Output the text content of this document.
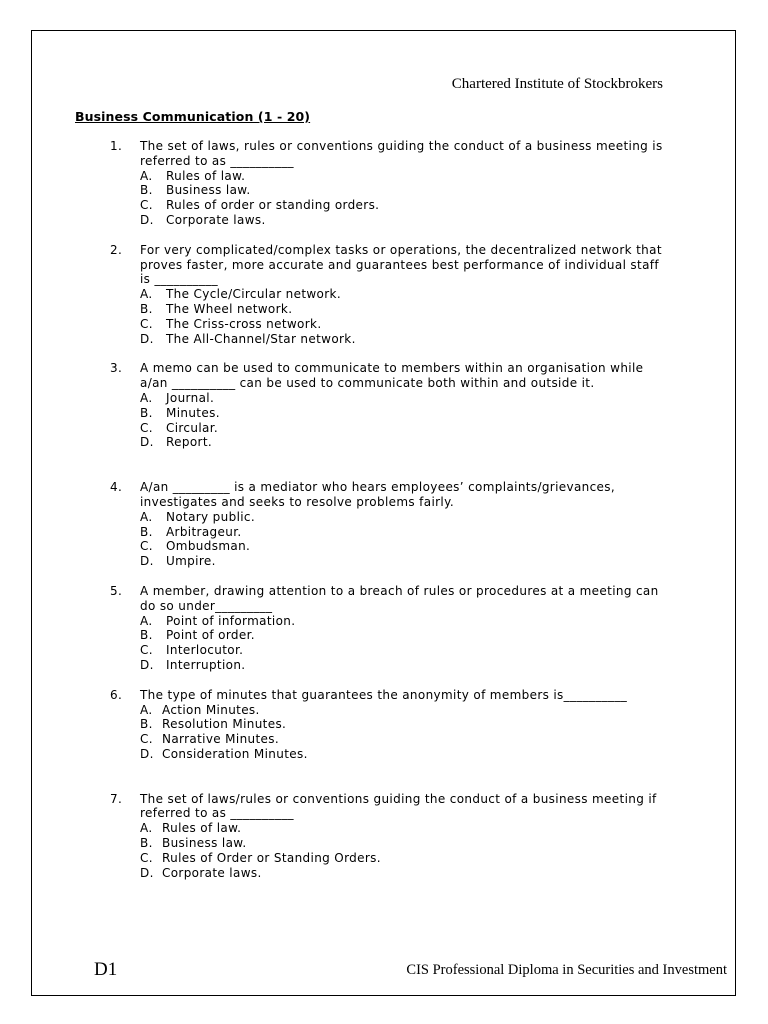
Chartered Institute of Stockbrokers
Business Communication (1 - 20)
1. The set of laws, rules or conventions guiding the conduct of a business meeting is
referred to as __________
A.	Rules of law.
B.	Business law.
C.	Rules of order or standing orders.
D.	Corporate laws.
2. For very complicated/complex tasks or operations, the decentralized network that
proves faster, more accurate and guarantees best performance of individual staff
is __________
A.	The Cycle/Circular network.
B.	The Wheel network.
C.	The Criss-cross network.
D.	The All-Channel/Star network.
3. A memo can be used to communicate to members within an organisation while
a/an __________ can be used to communicate both within and outside it.
A.	Journal.
B.	Minutes.
C.	Circular.
D.	Report.
4. A/an _________ is a mediator who hears employees’ complaints/grievances,
investigates and seeks to resolve problems fairly.
A.	Notary public.
B.	Arbitrageur.
C.	Ombudsman.
D.	Umpire.
5. A member, drawing attention to a breach of rules or procedures at a meeting can
do so under_________
A.	Point of information.
B.	Point of order.
C.	Interlocutor.
D.	Interruption.
6. The type of minutes that guarantees the anonymity of members is__________
A. Action Minutes.
B. Resolution Minutes.
C. Narrative Minutes.
D. Consideration Minutes.
7. The set of laws/rules or conventions guiding the conduct of a business meeting if
referred to as __________
A. Rules of law.
B. Business law.
C. Rules of Order or Standing Orders.
D. Corporate laws.
D1	CIS Professional Diploma in Securities and Investment
